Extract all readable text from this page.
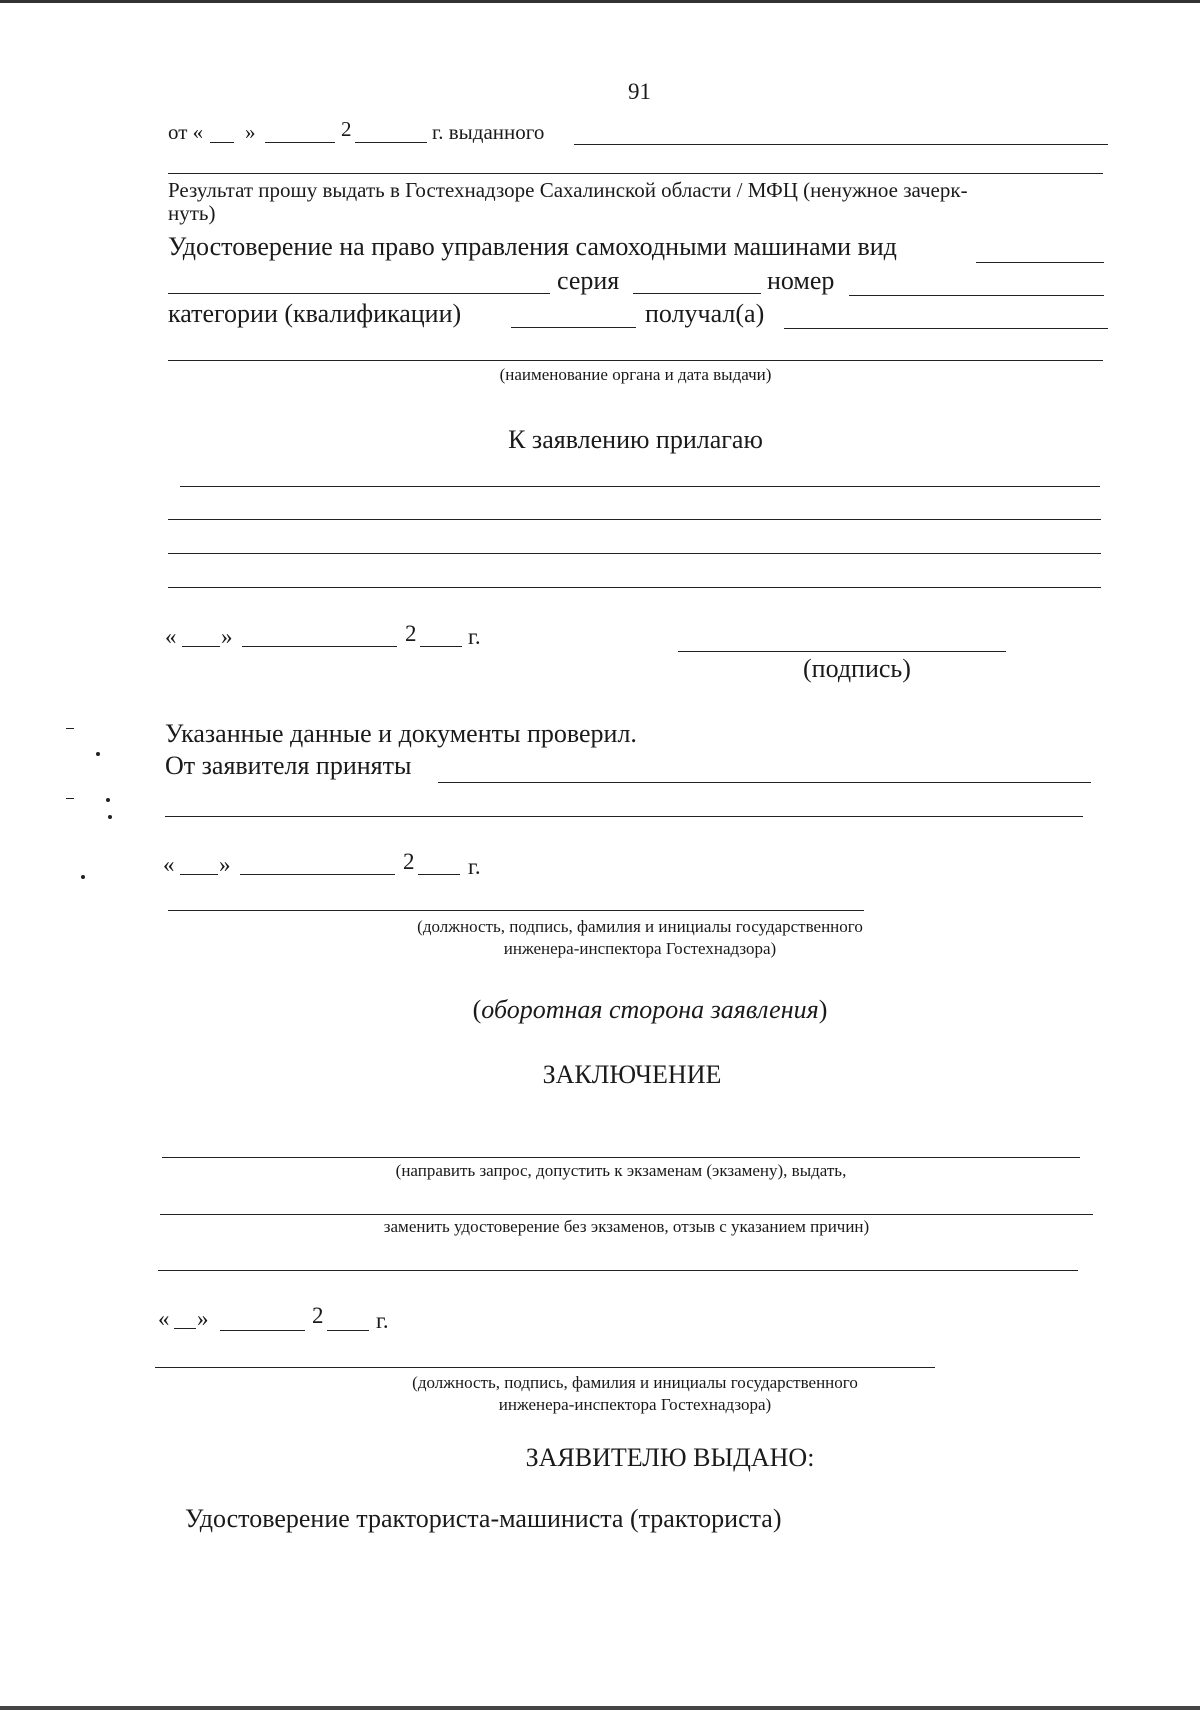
91
от « »	2	г. выданного
Результат прошу выдать в Гостехнадзоре Сахалинской области / МФЦ (ненужное зачерк-
нуть)
Удостоверение на право управления самоходными машинами вид
серия	номер
категории (квалификации)	получал(а)
(наименование органа и дата выдачи)
К заявлению прилагаю
« »	2 г.
(подпись)
Указанные данные и документы проверил.
От заявителя приняты
« »	2 г.
(должность, подпись, фамилия и инициалы государственного
инженера-инспектора Гостехнадзора)
(оборотная сторона заявления)
ЗАКЛЮЧЕНИЕ
(направить запрос, допустить к экзаменам (экзамену), выдать,
заменить удостоверение без экзаменов, отзыв с указанием причин)
« »	2 г.
(должность, подпись, фамилия и инициалы государственного
инженера-инспектора Гостехнадзора)
ЗАЯВИТЕЛЮ ВЫДАНО:
Удостоверение тракториста-машиниста (тракториста)
